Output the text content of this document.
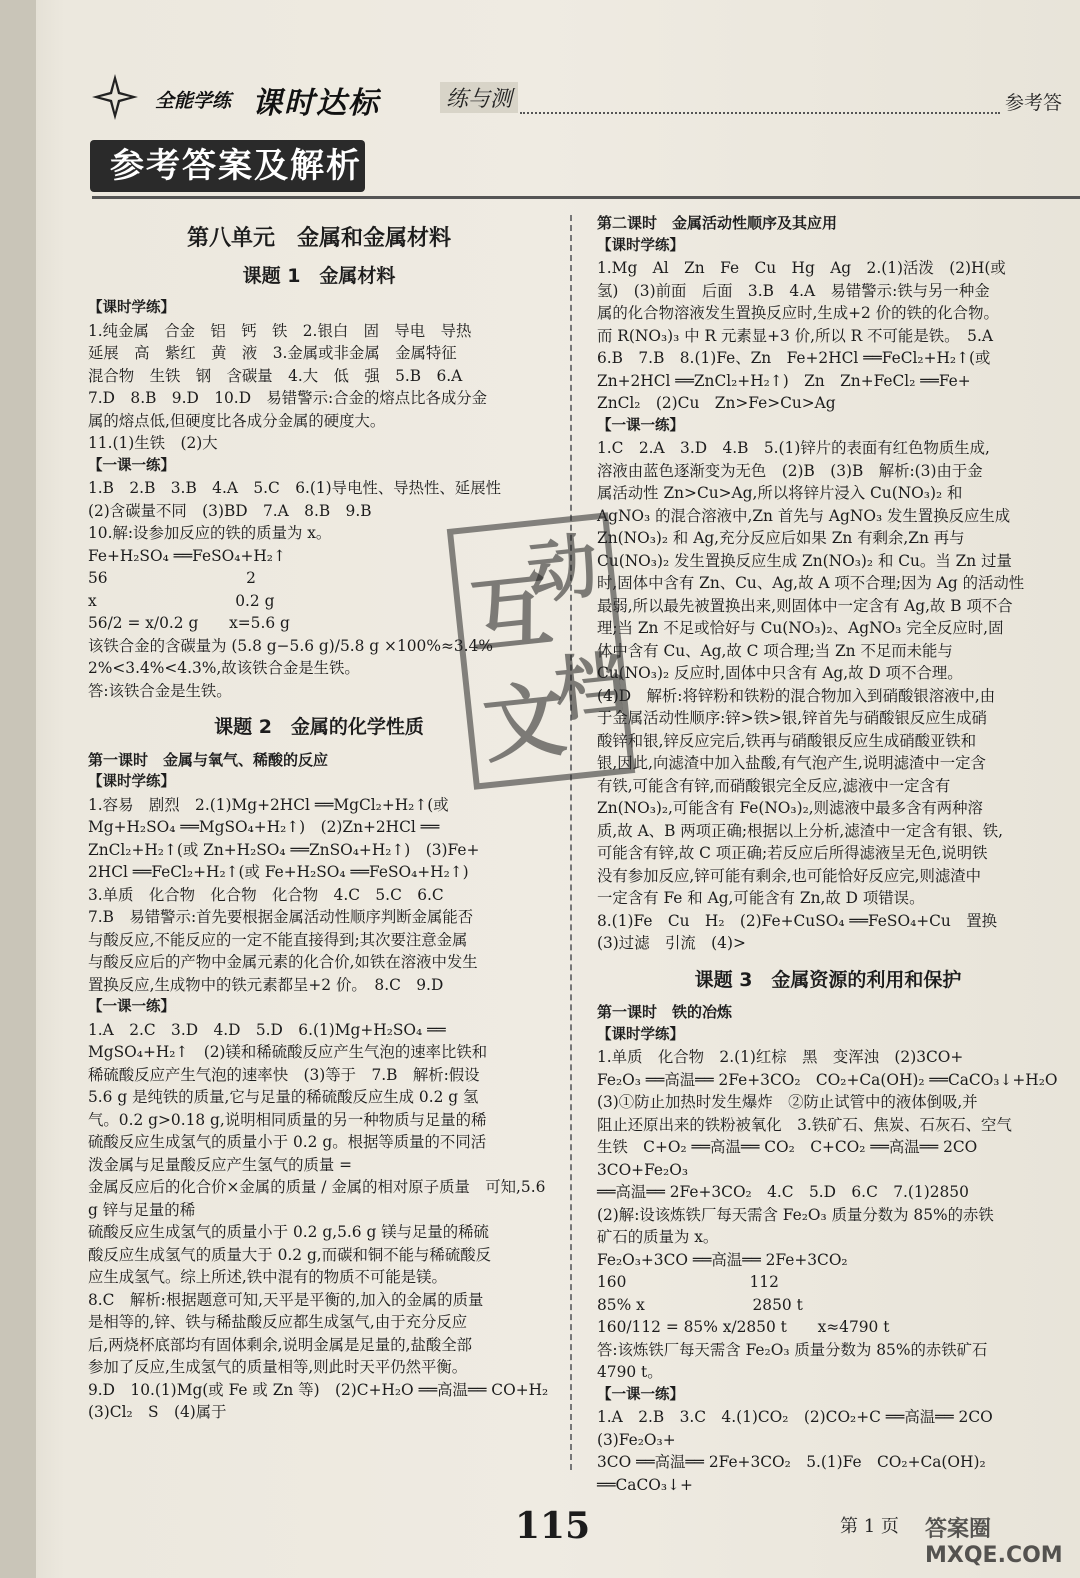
全能学练 课时达标	练与测	参考答
参考答案及解析
第八单元　金属和金属材料
课题 1　金属材料
【课时学练】

1.纯金属　合金　铝　钙　铁　2.银白　固　导电　导热

延展　高　紫红　黄　液　3.金属或非金属　金属特征

混合物　生铁　钢　含碳量　4.大　低　强　5.B　6.A

7.D　8.B　9.D　10.D　易错警示:合金的熔点比各成分金

属的熔点低,但硬度比各成分金属的硬度大。

11.(1)生铁　(2)大

【一课一练】

1.B　2.B　3.B　4.A　5.C　6.(1)导电性、导热性、延展性

(2)含碳量不同　(3)BD　7.A　8.B　9.B

10.解:设参加反应的铁的质量为 x。

Fe+H₂SO₄ ══FeSO₄+H₂↑

56　　　　　　　　　2

x　　　　　　　　　0.2 g

56/2 = x/0.2 g　　x=5.6 g

该铁合金的含碳量为 (5.8 g−5.6 g)/5.8 g ×100%≈3.4%

2%<3.4%<4.3%,故该铁合金是生铁。

答:该铁合金是生铁。

课题 2　金属的化学性质
第一课时　金属与氧气、稀酸的反应
【课时学练】

1.容易　剧烈　2.(1)Mg+2HCl ══MgCl₂+H₂↑(或

Mg+H₂SO₄ ══MgSO₄+H₂↑)　(2)Zn+2HCl ══

ZnCl₂+H₂↑(或 Zn+H₂SO₄ ══ZnSO₄+H₂↑)　(3)Fe+

2HCl ══FeCl₂+H₂↑(或 Fe+H₂SO₄ ══FeSO₄+H₂↑)

3.单质　化合物　化合物　化合物　4.C　5.C　6.C

7.B　易错警示:首先要根据金属活动性顺序判断金属能否

与酸反应,不能反应的一定不能直接得到;其次要注意金属

与酸反应后的产物中金属元素的化合价,如铁在溶液中发生

置换反应,生成物中的铁元素都呈+2 价。　8.C　9.D

【一课一练】

1.A　2.C　3.D　4.D　5.D　6.(1)Mg+H₂SO₄ ══

MgSO₄+H₂↑　(2)镁和稀硫酸反应产生气泡的速率比铁和

稀硫酸反应产生气泡的速率快　(3)等于　7.B　解析:假设

5.6 g 是纯铁的质量,它与足量的稀硫酸反应生成 0.2 g 氢

气。0.2 g>0.18 g,说明相同质量的另一种物质与足量的稀

硫酸反应生成氢气的质量小于 0.2 g。根据等质量的不同活

泼金属与足量酸反应产生氢气的质量 =

金属反应后的化合价×金属的质量 / 金属的相对原子质量　可知,5.6 g 锌与足量的稀

硫酸反应生成氢气的质量小于 0.2 g,5.6 g 镁与足量的稀硫

酸反应生成氢气的质量大于 0.2 g,而碳和铜不能与稀硫酸反

应生成氢气。综上所述,铁中混有的物质不可能是镁。

8.C　解析:根据题意可知,天平是平衡的,加入的金属的质量

是相等的,锌、铁与稀盐酸反应都生成氢气,由于充分反应

后,两烧杯底部均有固体剩余,说明金属是足量的,盐酸全部

参加了反应,生成氢气的质量相等,则此时天平仍然平衡。

9.D　10.(1)Mg(或 Fe 或 Zn 等)　(2)C+H₂O ══高温══ CO+H₂

(3)Cl₂　S　(4)属于

第二课时　金属活动性顺序及其应用
【课时学练】

1.Mg　Al　Zn　Fe　Cu　Hg　Ag　2.(1)活泼　(2)H(或

氢)　(3)前面　后面　3.B　4.A　易错警示:铁与另一种金

属的化合物溶液发生置换反应时,生成+2 价的铁的化合物。

而 R(NO₃)₃ 中 R 元素显+3 价,所以 R 不可能是铁。　5.A

6.B　7.B　8.(1)Fe、Zn　Fe+2HCl ══FeCl₂+H₂↑(或

Zn+2HCl ══ZnCl₂+H₂↑)　Zn　Zn+FeCl₂ ══Fe+

ZnCl₂　(2)Cu　Zn>Fe>Cu>Ag

【一课一练】

1.C　2.A　3.D　4.B　5.(1)锌片的表面有红色物质生成,

溶液由蓝色逐渐变为无色　(2)B　(3)B　解析:(3)由于金

属活动性 Zn>Cu>Ag,所以将锌片浸入 Cu(NO₃)₂ 和

AgNO₃ 的混合溶液中,Zn 首先与 AgNO₃ 发生置换反应生成

Zn(NO₃)₂ 和 Ag,充分反应后如果 Zn 有剩余,Zn 再与

Cu(NO₃)₂ 发生置换反应生成 Zn(NO₃)₂ 和 Cu。当 Zn 过量

时,固体中含有 Zn、Cu、Ag,故 A 项不合理;因为 Ag 的活动性

最弱,所以最先被置换出来,则固体中一定含有 Ag,故 B 项不合

理;当 Zn 不足或恰好与 Cu(NO₃)₂、AgNO₃ 完全反应时,固

体中含有 Cu、Ag,故 C 项合理;当 Zn 不足而未能与

Cu(NO₃)₂ 反应时,固体中只含有 Ag,故 D 项不合理。

(4)D　解析:将锌粉和铁粉的混合物加入到硝酸银溶液中,由

于金属活动性顺序:锌>铁>银,锌首先与硝酸银反应生成硝

酸锌和银,锌反应完后,铁再与硝酸银反应生成硝酸亚铁和

银,因此,向滤渣中加入盐酸,有气泡产生,说明滤渣中一定含

有铁,可能含有锌,而硝酸银完全反应,滤液中一定含有

Zn(NO₃)₂,可能含有 Fe(NO₃)₂,则滤液中最多含有两种溶

质,故 A、B 两项正确;根据以上分析,滤渣中一定含有银、铁,

可能含有锌,故 C 项正确;若反应后所得滤液呈无色,说明铁

没有参加反应,锌可能有剩余,也可能恰好反应完,则滤渣中

一定含有 Fe 和 Ag,可能含有 Zn,故 D 项错误。

8.(1)Fe　Cu　H₂　(2)Fe+CuSO₄ ══FeSO₄+Cu　置换

(3)过滤　引流　(4)>

课题 3　金属资源的利用和保护
第一课时　铁的冶炼
【课时学练】

1.单质　化合物　2.(1)红棕　黑　变浑浊　(2)3CO+

Fe₂O₃ ══高温══ 2Fe+3CO₂　CO₂+Ca(OH)₂ ══CaCO₃↓+H₂O

(3)①防止加热时发生爆炸　②防止试管中的液体倒吸,并

阻止还原出来的铁粉被氧化　3.铁矿石、焦炭、石灰石、空气

生铁　C+O₂ ══高温══ CO₂　C+CO₂ ══高温══ 2CO　3CO+Fe₂O₃

══高温══ 2Fe+3CO₂　4.C　5.D　6.C　7.(1)2850

(2)解:设该炼铁厂每天需含 Fe₂O₃ 质量分数为 85%的赤铁

矿石的质量为 x。

Fe₂O₃+3CO ══高温══ 2Fe+3CO₂

160　　　　　　　　112

85% x　　　　　　　2850 t

160/112 = 85% x/2850 t　　x≈4790 t

答:该炼铁厂每天需含 Fe₂O₃ 质量分数为 85%的赤铁矿石

4790 t。

【一课一练】

1.A　2.B　3.C　4.(1)CO₂　(2)CO₂+C ══高温══ 2CO　(3)Fe₂O₃+

3CO ══高温══ 2Fe+3CO₂　5.(1)Fe　CO₂+Ca(OH)₂ ══CaCO₃↓+

互
动
文
档
115	第 1 页 答案圈 MXQE.COM
